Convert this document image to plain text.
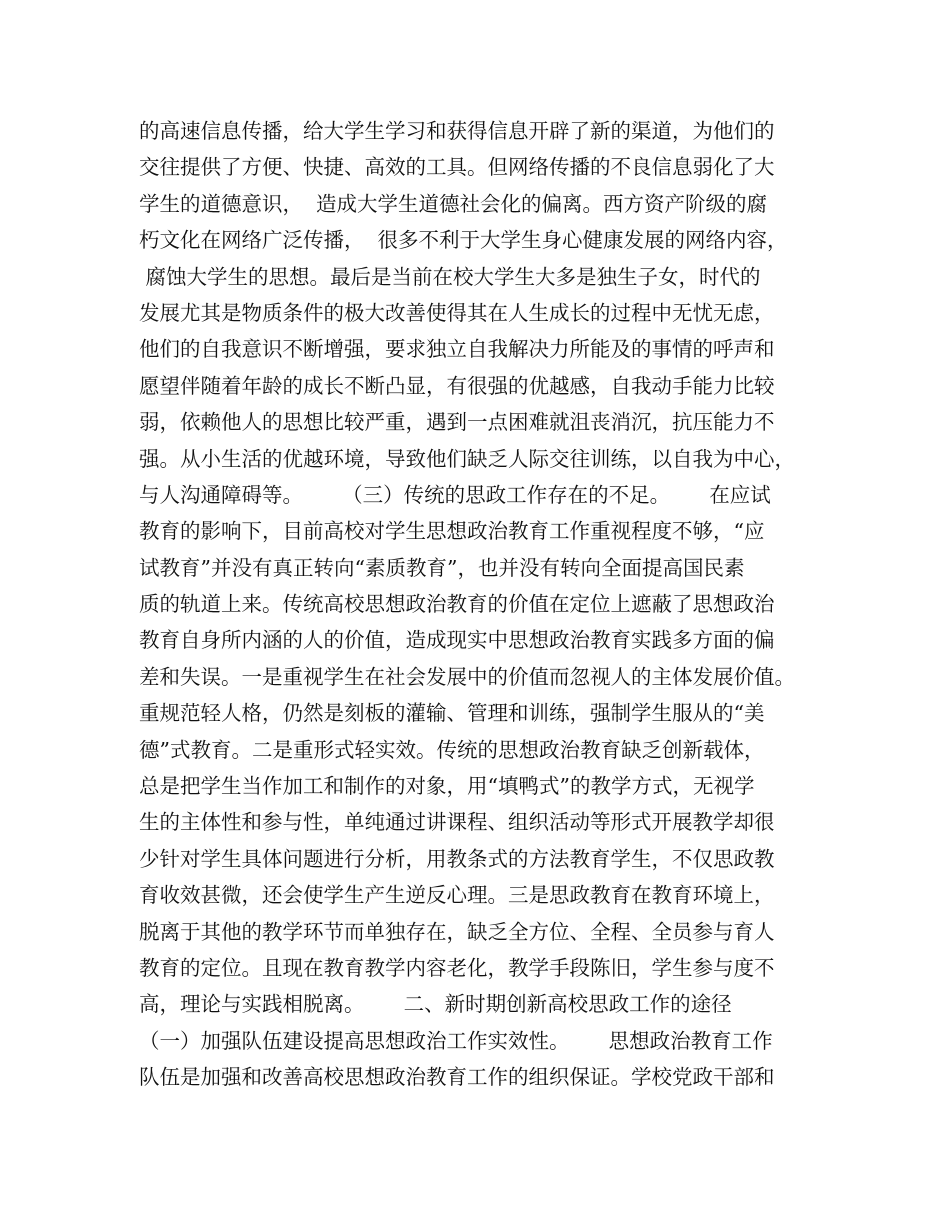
的高速信息传播，给大学生学习和获得信息开辟了新的渠道，为他们的
交往提供了方便、快捷、高效的工具。但网络传播的不良信息弱化了大
学生的道德意识，  造成大学生道德社会化的偏离。西方资产阶级的腐
朽文化在网络广泛传播，  很多不利于大学生身心健康发展的网络内容，
腐蚀大学生的思想。最后是当前在校大学生大多是独生子女，时代的
发展尤其是物质条件的极大改善使得其在人生成长的过程中无忧无虑，
他们的自我意识不断增强，要求独立自我解决力所能及的事情的呼声和
愿望伴随着年龄的成长不断凸显，有很强的优越感，自我动手能力比较
弱，依赖他人的思想比较严重，遇到一点困难就沮丧消沉，抗压能力不
强。从小生活的优越环境，导致他们缺乏人际交往训练，以自我为中心，
与人沟通障碍等。      （三）传统的思政工作存在的不足。      在应试
教育的影响下，目前高校对学生思想政治教育工作重视程度不够，“应
试教育”并没有真正转向“素质教育”，也并没有转向全面提高国民素
质的轨道上来。传统高校思想政治教育的价值在定位上遮蔽了思想政治
教育自身所内涵的人的价值，造成现实中思想政治教育实践多方面的偏
差和失误。一是重视学生在社会发展中的价值而忽视人的主体发展价值。
重规范轻人格，仍然是刻板的灌输、管理和训练，强制学生服从的“美
德”式教育。二是重形式轻实效。传统的思想政治教育缺乏创新载体，
总是把学生当作加工和制作的对象，用“填鸭式”的教学方式，无视学
生的主体性和参与性，单纯通过讲课程、组织活动等形式开展教学却很
少针对学生具体问题进行分析，用教条式的方法教育学生，不仅思政教
育收效甚微，还会使学生产生逆反心理。三是思政教育在教育环境上，
脱离于其他的教学环节而单独存在，缺乏全方位、全程、全员参与育人
教育的定位。且现在教育教学内容老化，教学手段陈旧，学生参与度不
高，理论与实践相脱离。      二、新时期创新高校思政工作的途径
（一）加强队伍建设提高思想政治工作实效性。      思想政治教育工作
队伍是加强和改善高校思想政治教育工作的组织保证。学校党政干部和
